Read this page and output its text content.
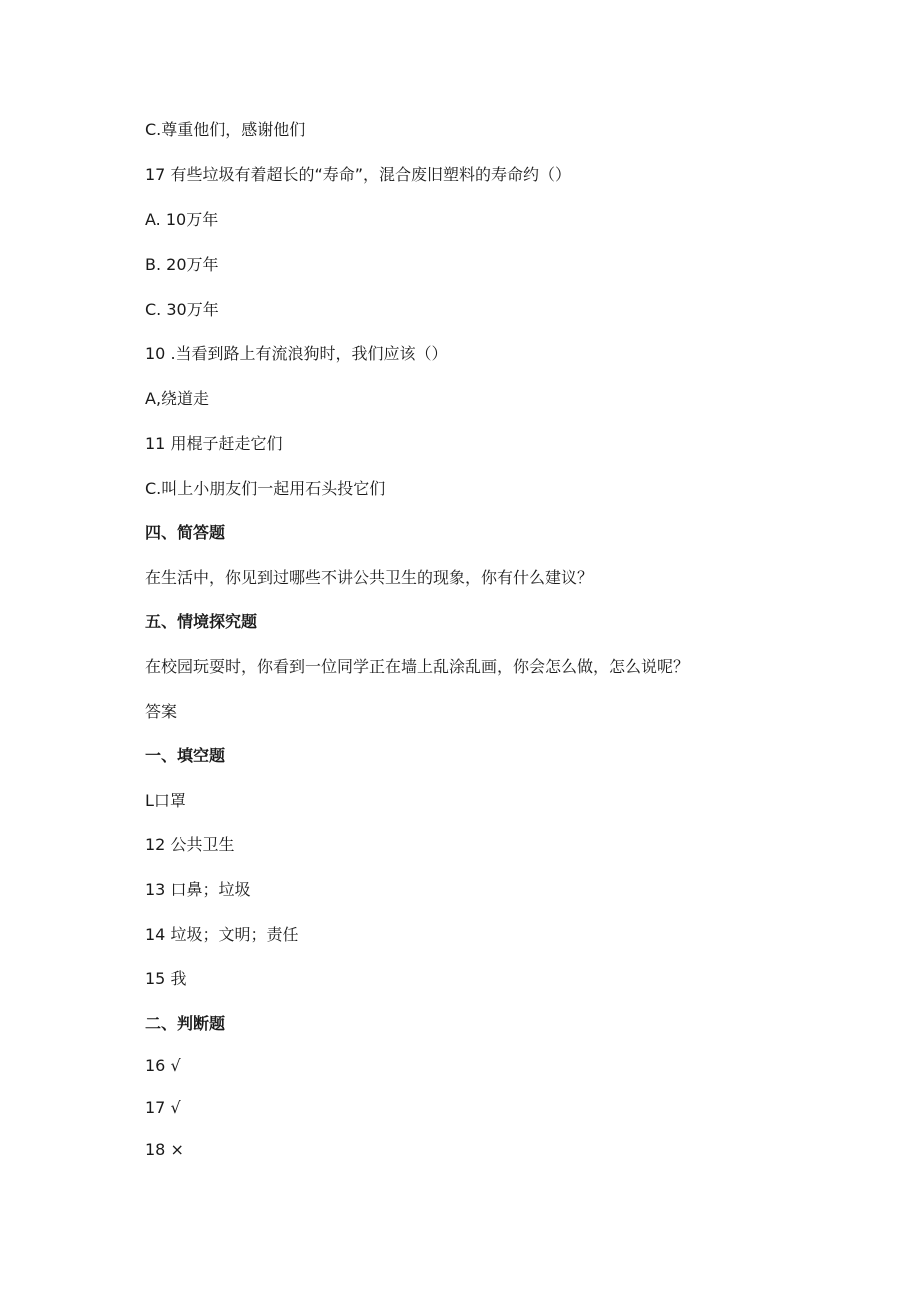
C.尊重他们，感谢他们
17 有些垃圾有着超长的“寿命”，混合废旧塑料的寿命约（）
A. 10万年
B. 20万年
C. 30万年
10 .当看到路上有流浪狗时，我们应该（）
A,绕道走
11 用棍子赶走它们
C.叫上小朋友们一起用石头投它们
四、简答题
在生活中，你见到过哪些不讲公共卫生的现象，你有什么建议？
五、情境探究题
在校园玩耍时，你看到一位同学正在墙上乱涂乱画，你会怎么做，怎么说呢？
答案
一、填空题
L口罩
12 公共卫生
13 口鼻；垃圾
14 垃圾；文明；责任
15 我
二、判断题
16 √
17 √
18 ×
